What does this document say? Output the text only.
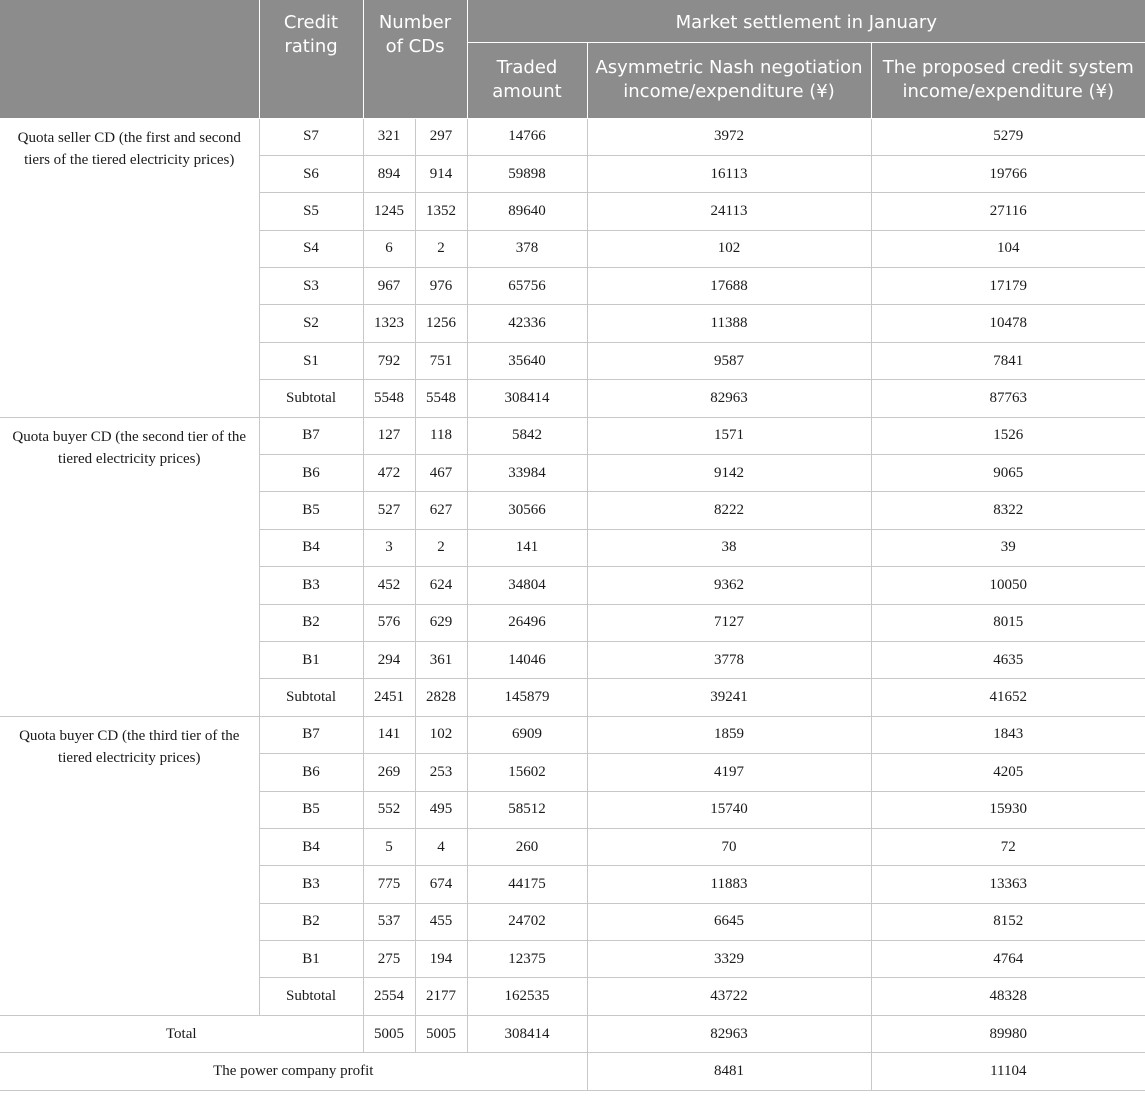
	Credit rating	Number of CDs		Market settlement in January		
				Traded amount	Asymmetric Nash negotiation income/expenditure (¥)	The proposed credit system income/expenditure (¥)
Quota seller CD (the first and second tiers of the tiered electricity prices)	S7	321	297	14766	3972	5279
	S6	894	914	59898	16113	19766
	S5	1245	1352	89640	24113	27116
	S4	6	2	378	102	104
	S3	967	976	65756	17688	17179
	S2	1323	1256	42336	11388	10478
	S1	792	751	35640	9587	7841
	Subtotal	5548	5548	308414	82963	87763
Quota buyer CD (the second tier of the tiered electricity prices)	B7	127	118	5842	1571	1526
	B6	472	467	33984	9142	9065
	B5	527	627	30566	8222	8322
	B4	3	2	141	38	39
	B3	452	624	34804	9362	10050
	B2	576	629	26496	7127	8015
	B1	294	361	14046	3778	4635
	Subtotal	2451	2828	145879	39241	41652
Quota buyer CD (the third tier of the tiered electricity prices)	B7	141	102	6909	1859	1843
	B6	269	253	15602	4197	4205
	B5	552	495	58512	15740	15930
	B4	5	4	260	70	72
	B3	775	674	44175	11883	13363
	B2	537	455	24702	6645	8152
	B1	275	194	12375	3329	4764
	Subtotal	2554	2177	162535	43722	48328
Total		5005	5005	308414	82963	89980
The power company profit					8481	11104
